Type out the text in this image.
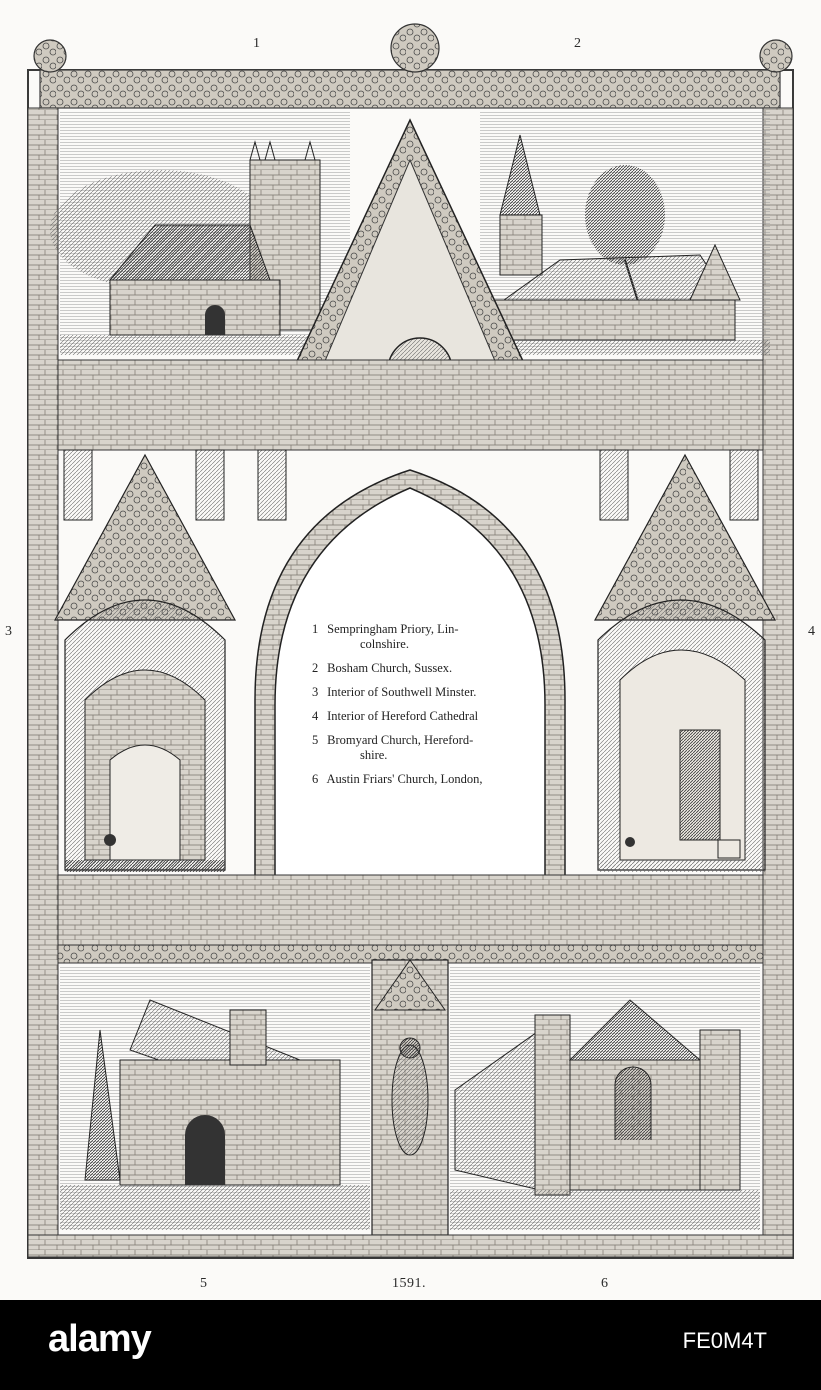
1	2
3	4
5	1591.	6
1 Sempringham Priory, Lin-
colnshire.
2 Bosham Church, Sussex.
3 Interior of Southwell Minster.
4 Interior of Hereford Cathedral
5 Bromyard Church, Hereford-
shire.
6 Austin Friars' Church, London,
alamy	FE0M4T
